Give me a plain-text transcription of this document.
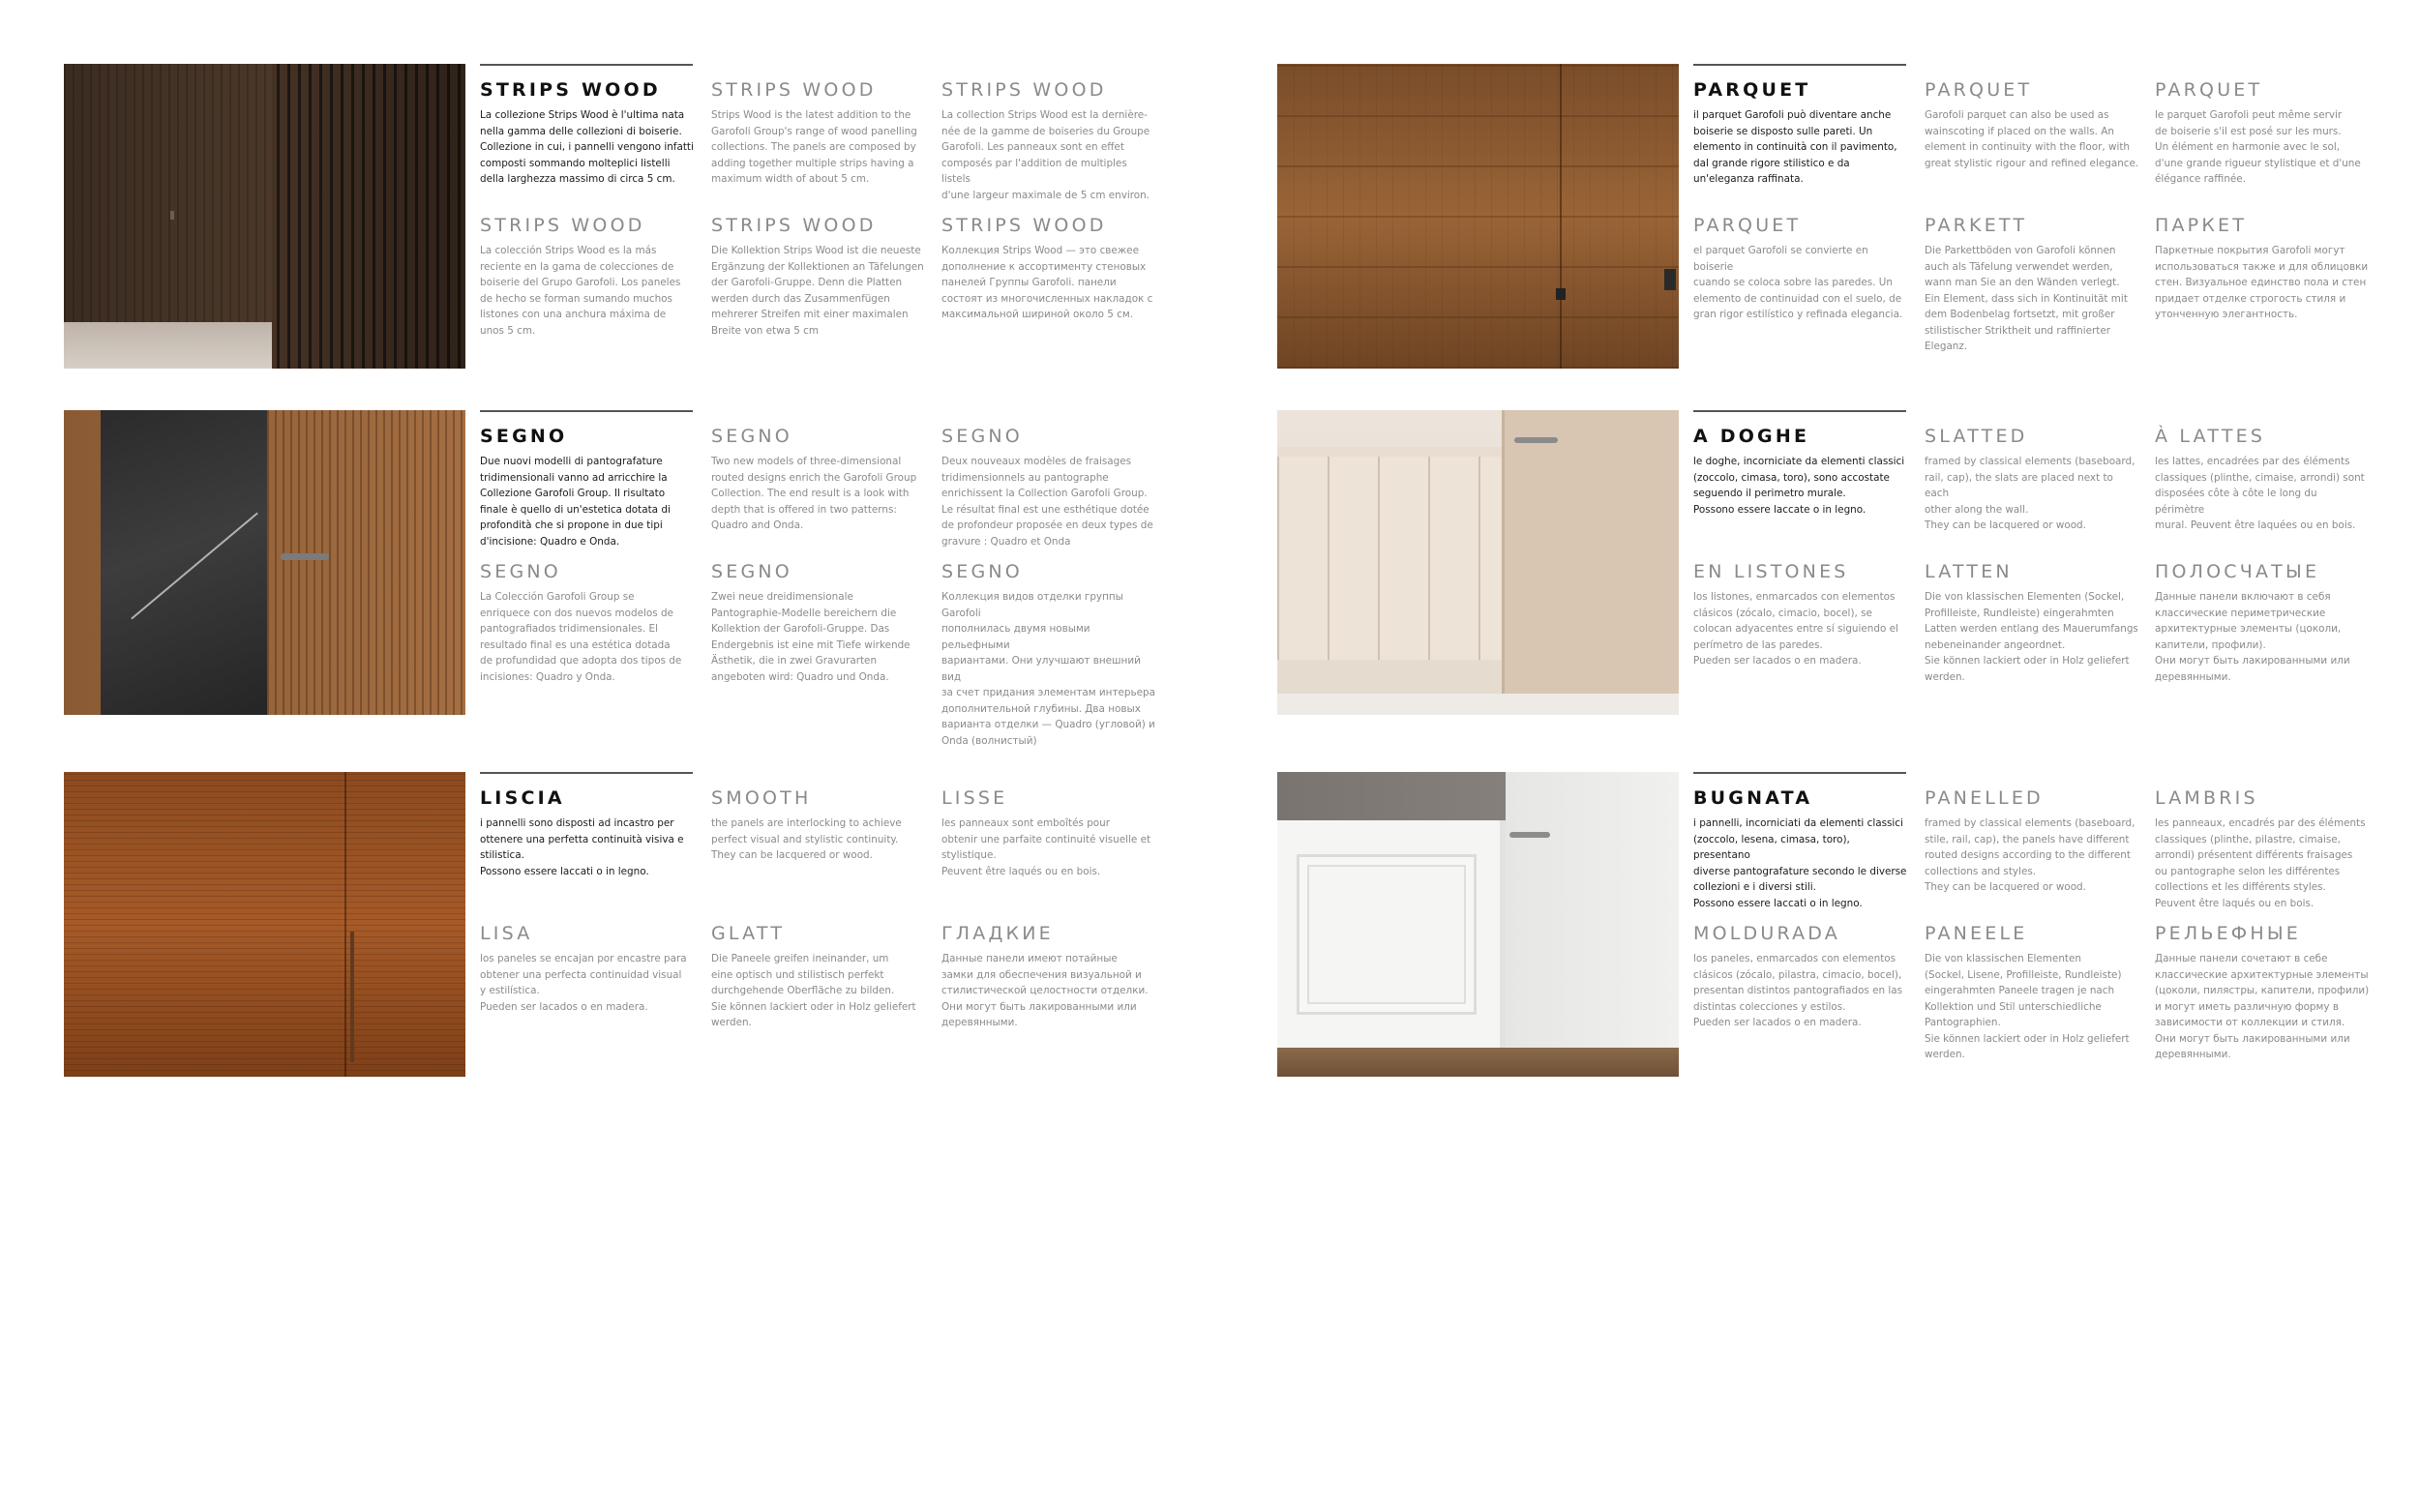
STRIPS WOOD

La collezione Strips Wood è l'ultima nata
nella gamma delle collezioni di boiserie.
Collezione in cui, i pannelli vengono infatti
composti sommando molteplici listelli
della larghezza massimo di circa 5 cm.

STRIPS WOOD

La colección Strips Wood es la más
reciente en la gama de colecciones de
boiserie del Grupo Garofoli. Los paneles
de hecho se forman sumando muchos
listones con una anchura máxima de
unos 5 cm.

STRIPS WOOD

Strips Wood is the latest addition to the
Garofoli Group's range of wood panelling
collections. The panels are composed by
adding together multiple strips having a
maximum width of about 5 cm.

STRIPS WOOD

Die Kollektion Strips Wood ist die neueste
Ergänzung der Kollektionen an Täfelungen
der Garofoli-Gruppe. Denn die Platten
werden durch das Zusammenfügen
mehrerer Streifen mit einer maximalen
Breite von etwa 5 cm

STRIPS WOOD

La collection Strips Wood est la dernière-
née de la gamme de boiseries du Groupe
Garofoli. Les panneaux sont en effet
composés par l'addition de multiples listels
d'une largeur maximale de 5 cm environ.

STRIPS WOOD

Коллекция Strips Wood — это свежее
дополнение к ассортименту стеновых
панелей Группы Garofoli. панели
состоят из многочисленных накладок с
максимальной шириной около 5 см.

PARQUET

il parquet Garofoli può diventare anche
boiserie se disposto sulle pareti. Un
elemento in continuità con il pavimento,
dal grande rigore stilistico e da
un'eleganza raffinata.

PARQUET

el parquet Garofoli se convierte en boiserie
cuando se coloca sobre las paredes. Un
elemento de continuidad con el suelo, de
gran rigor estilístico y refinada elegancia.

PARQUET

Garofoli parquet can also be used as
wainscoting if placed on the walls. An
element in continuity with the floor, with
great stylistic rigour and refined elegance.

PARKETT

Die Parkettböden von Garofoli können
auch als Täfelung verwendet werden,
wann man Sie an den Wänden verlegt.
Ein Element, dass sich in Kontinuität mit
dem Bodenbelag fortsetzt, mit großer
stilistischer Striktheit und raffinierter
Eleganz.

PARQUET

le parquet Garofoli peut même servir
de boiserie s'il est posé sur les murs.
Un élément en harmonie avec le sol,
d'une grande rigueur stylistique et d'une
élégance raffinée.

ПАРКЕТ

Паркетные покрытия Garofoli могут
использоваться также и для облицовки
стен. Визуальное единство пола и стен
придает отделке строгость стиля и
утонченную элегантность.

SEGNO

Due nuovi modelli di pantografature
tridimensionali vanno ad arricchire la
Collezione Garofoli Group. Il risultato
finale è quello di un'estetica dotata di
profondità che si propone in due tipi
d'incisione: Quadro e Onda.

SEGNO

La Colección Garofoli Group se
enriquece con dos nuevos modelos de
pantografiados tridimensionales. El
resultado final es una estética dotada
de profundidad que adopta dos tipos de
incisiones: Quadro y Onda.

SEGNO

Two new models of three-dimensional
routed designs enrich the Garofoli Group
Collection. The end result is a look with
depth that is offered in two patterns:
Quadro and Onda.

SEGNO

Zwei neue dreidimensionale
Pantographie-Modelle bereichern die
Kollektion der Garofoli-Gruppe. Das
Endergebnis ist eine mit Tiefe wirkende
Ästhetik, die in zwei Gravurarten
angeboten wird: Quadro und Onda.

SEGNO

Deux nouveaux modèles de fraisages
tridimensionnels au pantographe
enrichissent la Collection Garofoli Group.
Le résultat final est une esthétique dotée
de profondeur proposée en deux types de
gravure : Quadro et Onda

SEGNO

Коллекция видов отделки группы Garofoli
пополнилась двумя новыми рельефными
вариантами. Они улучшают внешний вид
за счет придания элементам интерьера
дополнительной глубины. Два новых
варианта отделки — Quadro (угловой) и
Onda (волнистый)

A DOGHE

le doghe, incorniciate da elementi classici
(zoccolo, cimasa, toro), sono accostate
seguendo il perimetro murale.
Possono essere laccate o in legno.

EN LISTONES

los listones, enmarcados con elementos
clásicos (zócalo, cimacio, bocel), se
colocan adyacentes entre sí siguiendo el
perímetro de las paredes.
Pueden ser lacados o en madera.

SLATTED

framed by classical elements (baseboard,
rail, cap), the slats are placed next to each
other along the wall.
They can be lacquered or wood.

LATTEN

Die von klassischen Elementen (Sockel,
Profilleiste, Rundleiste) eingerahmten
Latten werden entlang des Mauerumfangs
nebeneinander angeordnet.
Sie können lackiert oder in Holz geliefert
werden.

À LATTES

les lattes, encadrées par des éléments
classiques (plinthe, cimaise, arrondi) sont
disposées côte à côte le long du périmètre
mural. Peuvent être laquées ou en bois.

ПОЛОСЧАТЫЕ

Данные панели включают в себя
классические периметрические
архитектурные элементы (цоколи,
капители, профили).
Они могут быть лакированными или
деревянными.

LISCIA

i pannelli sono disposti ad incastro per
ottenere una perfetta continuità visiva e
stilistica.
Possono essere laccati o in legno.

LISA

los paneles se encajan por encastre para
obtener una perfecta continuidad visual
y estilística.
Pueden ser lacados o en madera.

SMOOTH

the panels are interlocking to achieve
perfect visual and stylistic continuity.
They can be lacquered or wood.

GLATT

Die Paneele greifen ineinander, um
eine optisch und stilistisch perfekt
durchgehende Oberfläche zu bilden.
Sie können lackiert oder in Holz geliefert
werden.

LISSE

les panneaux sont emboîtés pour
obtenir une parfaite continuité visuelle et
stylistique.
Peuvent être laqués ou en bois.

ГЛАДКИЕ

Данные панели имеют потайные
замки для обеспечения визуальной и
стилистической целостности отделки.
Они могут быть лакированными или
деревянными.

BUGNATA

i pannelli, incorniciati da elementi classici
(zoccolo, lesena, cimasa, toro), presentano
diverse pantografature secondo le diverse
collezioni e i diversi stili.
Possono essere laccati o in legno.

MOLDURADA

los paneles, enmarcados con elementos
clásicos (zócalo, pilastra, cimacio, bocel),
presentan distintos pantografiados en las
distintas colecciones y estilos.
Pueden ser lacados o en madera.

PANELLED

framed by classical elements (baseboard,
stile, rail, cap), the panels have different
routed designs according to the different
collections and styles.
They can be lacquered or wood.

PANEELE

Die von klassischen Elementen
(Sockel, Lisene, Profilleiste, Rundleiste)
eingerahmten Paneele tragen je nach
Kollektion und Stil unterschiedliche
Pantographien.
Sie können lackiert oder in Holz geliefert
werden.

LAMBRIS

les panneaux, encadrés par des éléments
classiques (plinthe, pilastre, cimaise,
arrondi) présentent différents fraisages
ou pantographe selon les différentes
collections et les différents styles.
Peuvent être laqués ou en bois.

РЕЛЬЕФНЫЕ

Данные панели сочетают в себе
классические архитектурные элементы
(цоколи, пилястры, капители, профили)
и могут иметь различную форму в
зависимости от коллекции и стиля.
Они могут быть лакированными или
деревянными.
